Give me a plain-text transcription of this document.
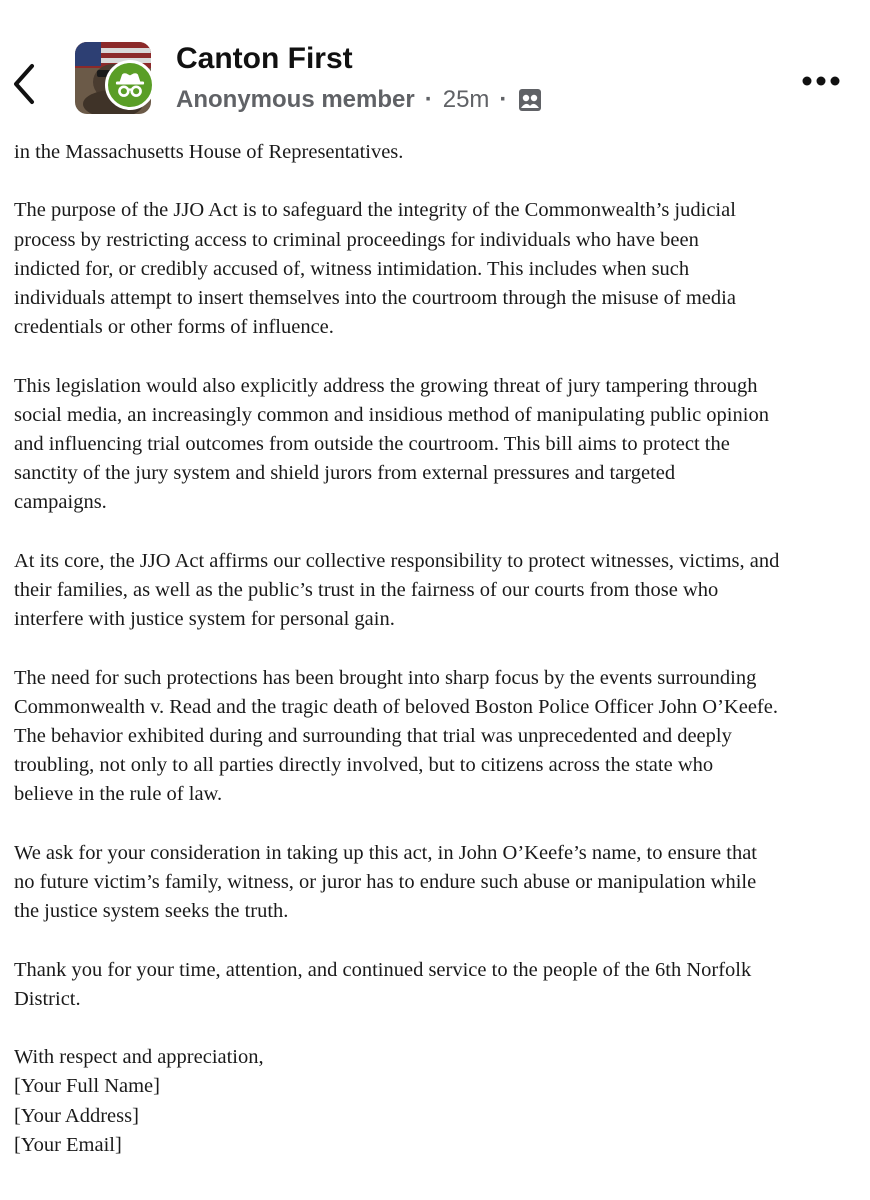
Canton First
Anonymous member · 25m ·

in the Massachusetts House of Representatives.

The purpose of the JJO Act is to safeguard the integrity of the Commonwealth’s judicial
process by restricting access to criminal proceedings for individuals who have been
indicted for, or credibly accused of, witness intimidation. This includes when such
individuals attempt to insert themselves into the courtroom through the misuse of media
credentials or other forms of influence.

This legislation would also explicitly address the growing threat of jury tampering through
social media, an increasingly common and insidious method of manipulating public opinion
and influencing trial outcomes from outside the courtroom. This bill aims to protect the
sanctity of the jury system and shield jurors from external pressures and targeted
campaigns.

At its core, the JJO Act affirms our collective responsibility to protect witnesses, victims, and
their families, as well as the public’s trust in the fairness of our courts from those who
interfere with justice system for personal gain.

The need for such protections has been brought into sharp focus by the events surrounding
Commonwealth v. Read and the tragic death of beloved Boston Police Officer John O’Keefe.
The behavior exhibited during and surrounding that trial was unprecedented and deeply
troubling, not only to all parties directly involved, but to citizens across the state who
believe in the rule of law.

We ask for your consideration in taking up this act, in John O’Keefe’s name, to ensure that
no future victim’s family, witness, or juror has to endure such abuse or manipulation while
the justice system seeks the truth.

Thank you for your time, attention, and continued service to the people of the 6th Norfolk
District.

With respect and appreciation,
[Your Full Name]
[Your Address]
[Your Email]
